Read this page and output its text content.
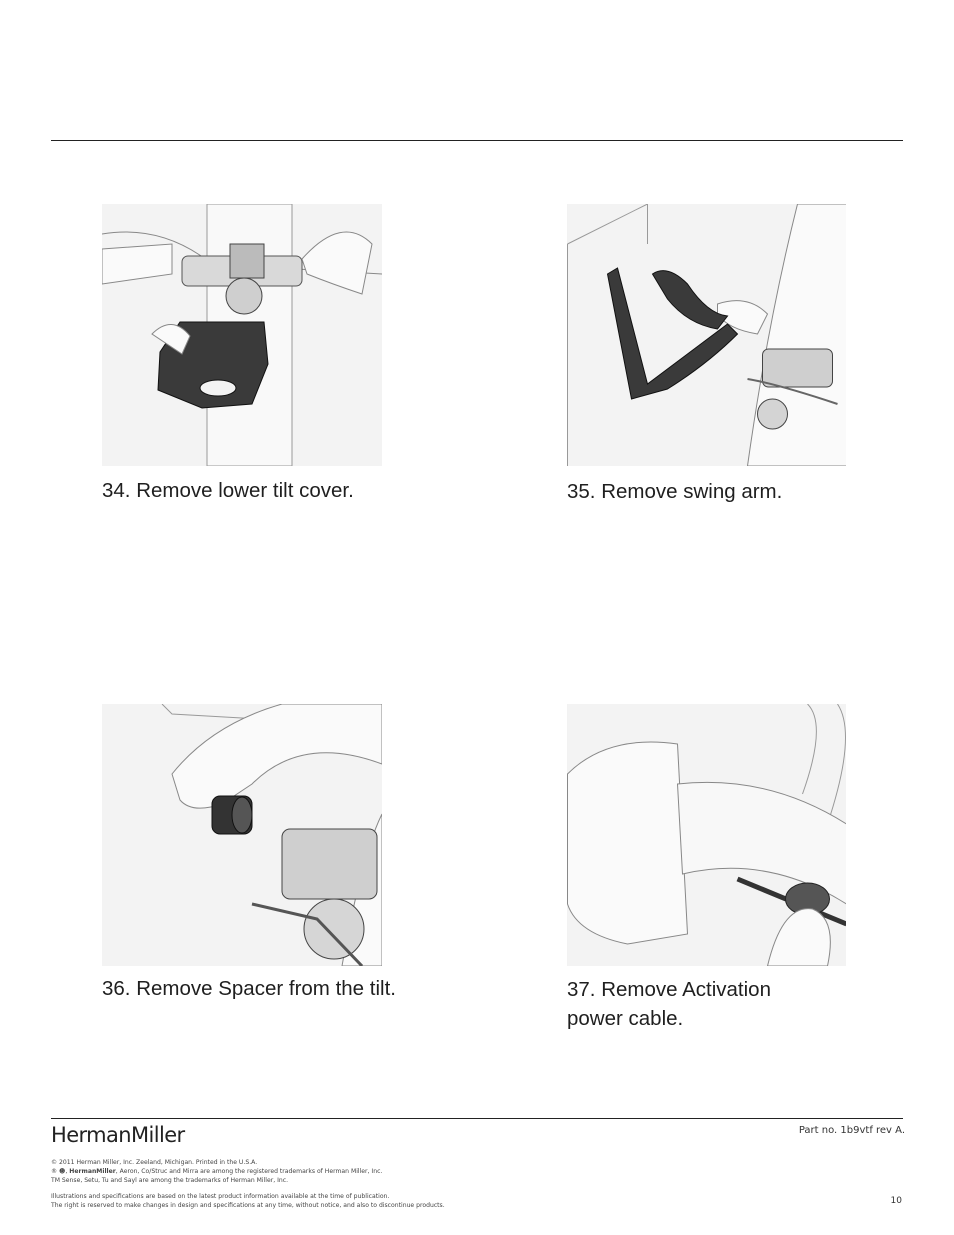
34. Remove lower tilt cover.	35. Remove swing arm.

36. Remove Spacer from the tilt.	37. Remove Activation power cable.

HermanMiller	Part no. 1b9vtf rev A.
© 2011 Herman Miller, Inc. Zeeland, Michigan. Printed in the U.S.A.
® ☻, HermanMiller, Aeron, Co/Struc and Mirra are among the registered trademarks of Herman Miller, Inc.
TM Sense, Setu, Tu and Sayl are among the trademarks of Herman Miller, Inc.
Illustrations and specifications are based on the latest product information available at the time of publication.
The right is reserved to make changes in design and specifications at any time, without notice, and also to discontinue products.	10
